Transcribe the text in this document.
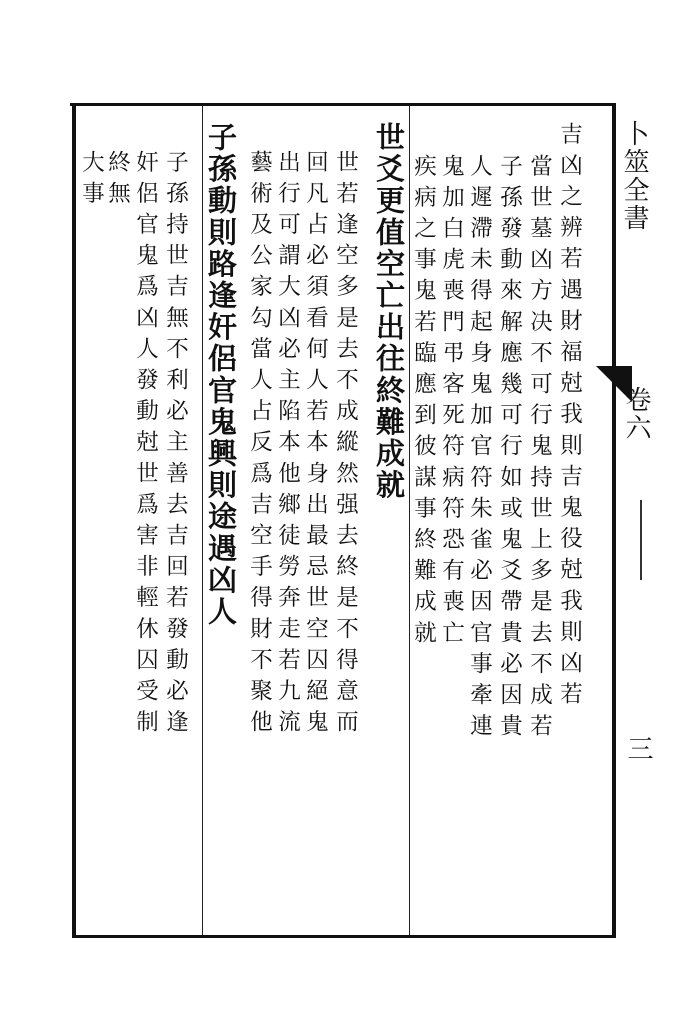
卜筮全書
卷六
三
吉凶之辨若遇財福尅我則吉鬼役尅我則凶若
當世墓凶方决不可行鬼持世上多是去不成若
子孫發動來解應幾可行如或鬼爻帶貴必因貴
人遲滯未得起身鬼加官符朱雀必因官事牽連
鬼加白虎喪門弔客死符病符恐有喪亡
疾病之事鬼若臨應到彼謀事終難成就
世爻更值空亡出往終難成就
世若逢空多是去不成縱然强去終是不得意而
回凡占必須看何人若本身出最忌世空囚絕鬼
出行可謂大凶必主陷本他鄉徒勞奔走若九流
藝術及公家勾當人占反爲吉空手得財不聚他
子孫動則路逢奸侶官鬼興則途遇凶人
子孫持世吉無不利必主善去吉回若發動必逢
奸侶官鬼爲凶人發動尅世爲害非輕休囚受制
終無
大事
